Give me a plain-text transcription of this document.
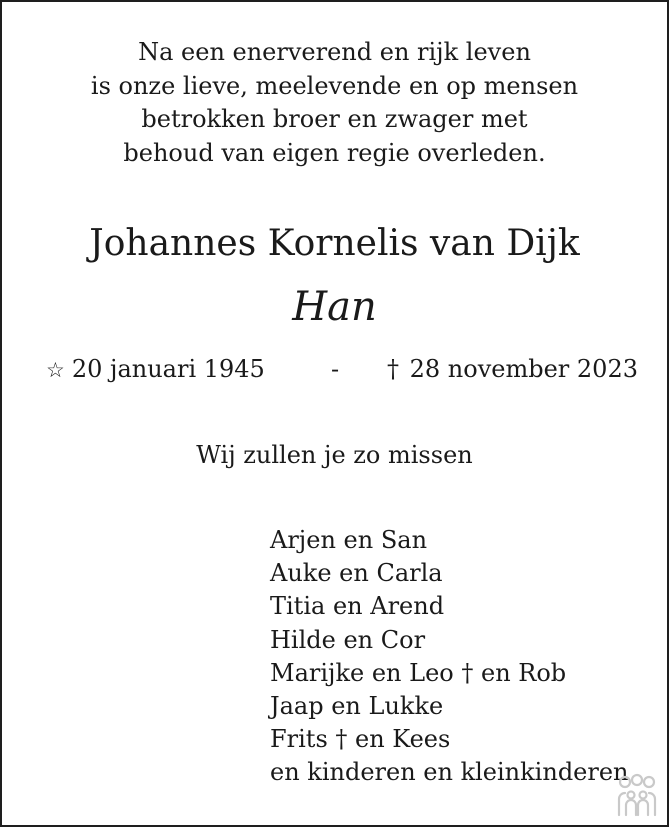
Na een enerverend en rijk leven
is onze lieve, meelevende en op mensen
betrokken broer en zwager met
behoud van eigen regie overleden.
Johannes Kornelis van Dijk
Han
☆ 20 januari 1945	- † 28 november 2023
Wij zullen je zo missen
Arjen en San
Auke en Carla
Titia en Arend
Hilde en Cor
Marijke en Leo † en Rob
Jaap en Lukke
Frits † en Kees
en kinderen en kleinkinderen
